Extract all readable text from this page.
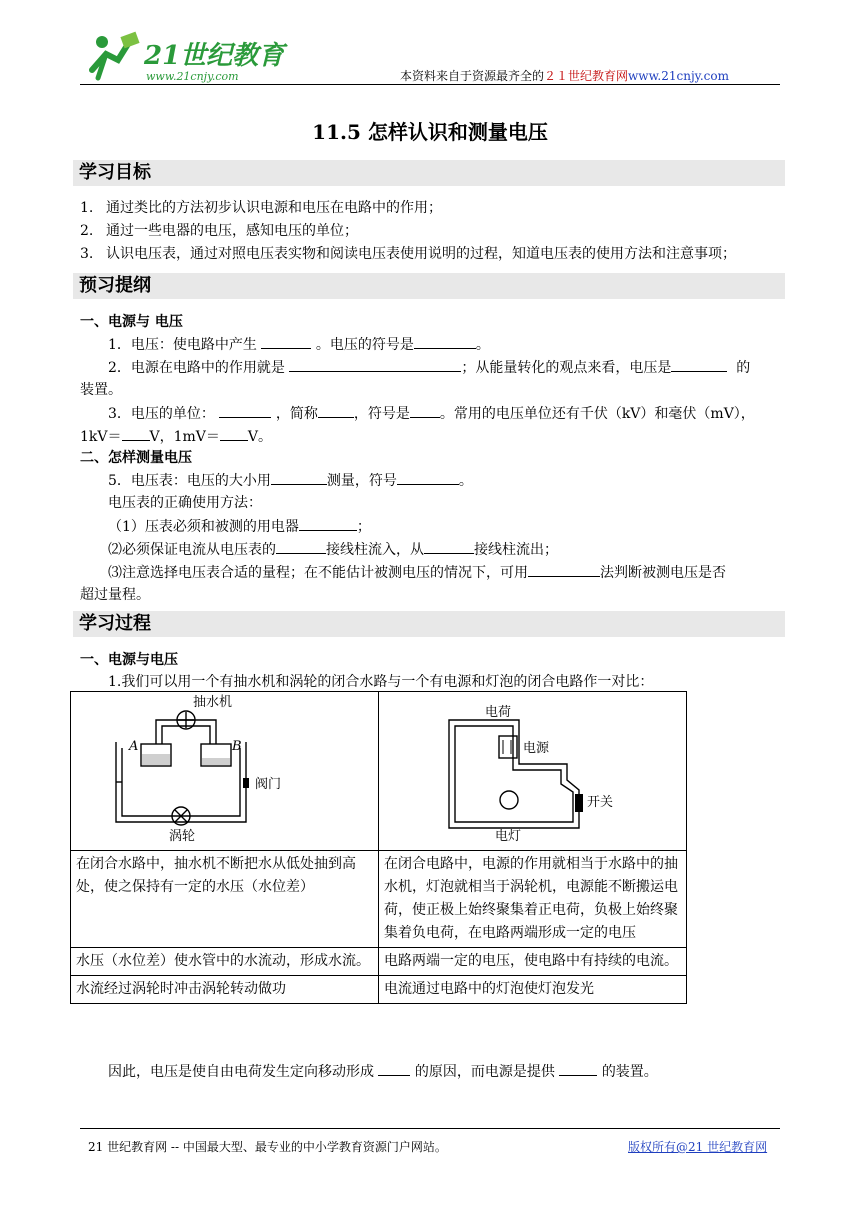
21世纪教育
www.21cnjy.com	本资料来自于资源最齐全的２１世纪教育网www.21cnjy.com
11.5 怎样认识和测量电压
学习目标
1. 通过类比的方法初步认识电源和电压在电路中的作用；
2. 通过一些电器的电压，感知电压的单位；
3. 认识电压表，通过对照电压表实物和阅读电压表使用说明的过程，知道电压表的使用方法和注意事项；
预习提纲
一、电源与 电压
1．电压：使电路中产生	。电压的符号是	。
2．电源在电路中的作用就是	；从能量转化的观点来看，电压是	的
装置。
3．电压的单位：	，简称	，符号是 。常用的电压单位还有千伏（kV）和毫伏（mV），
1kV＝ V，1mV＝ V。
二、怎样测量电压
5．电压表：电压的大小用	测量，符号	。
电压表的正确使用方法：
（1）压表必须和被测的用电器	；
⑵必须保证电流从电压表的	接线柱流入，从	接线柱流出；
⑶注意选择电压表合适的量程；在不能估计被测电压的情况下，可用	法判断被测电压是否
超过量程。
学习过程
一、电源与电压
1.我们可以用一个有抽水机和涡轮的闭合水路与一个有电源和灯泡的闭合电路作一对比：
抽水机
A B
阀门
涡轮	电荷
电源
开关
电灯

在闭合水路中，抽水机不断把水从低处抽到高处，使之保持有一定的水压（水位差）	在闭合电路中，电源的作用就相当于水路中的抽水机，灯泡就相当于涡轮机，电源能不断搬运电荷，使正极上始终聚集着正电荷，负极上始终聚集着负电荷，在电路两端形成一定的电压
水压（水位差）使水管中的水流动，形成水流。	电路两端一定的电压，使电路中有持续的电流。
水流经过涡轮时冲击涡轮转动做功	电流通过电路中的灯泡使灯泡发光
因此，电压是使自由电荷发生定向移动形成	的原因，而电源是提供	的装置。
21 世纪教育网 -- 中国最大型、最专业的中小学教育资源门户网站。	版权所有@21 世纪教育网
